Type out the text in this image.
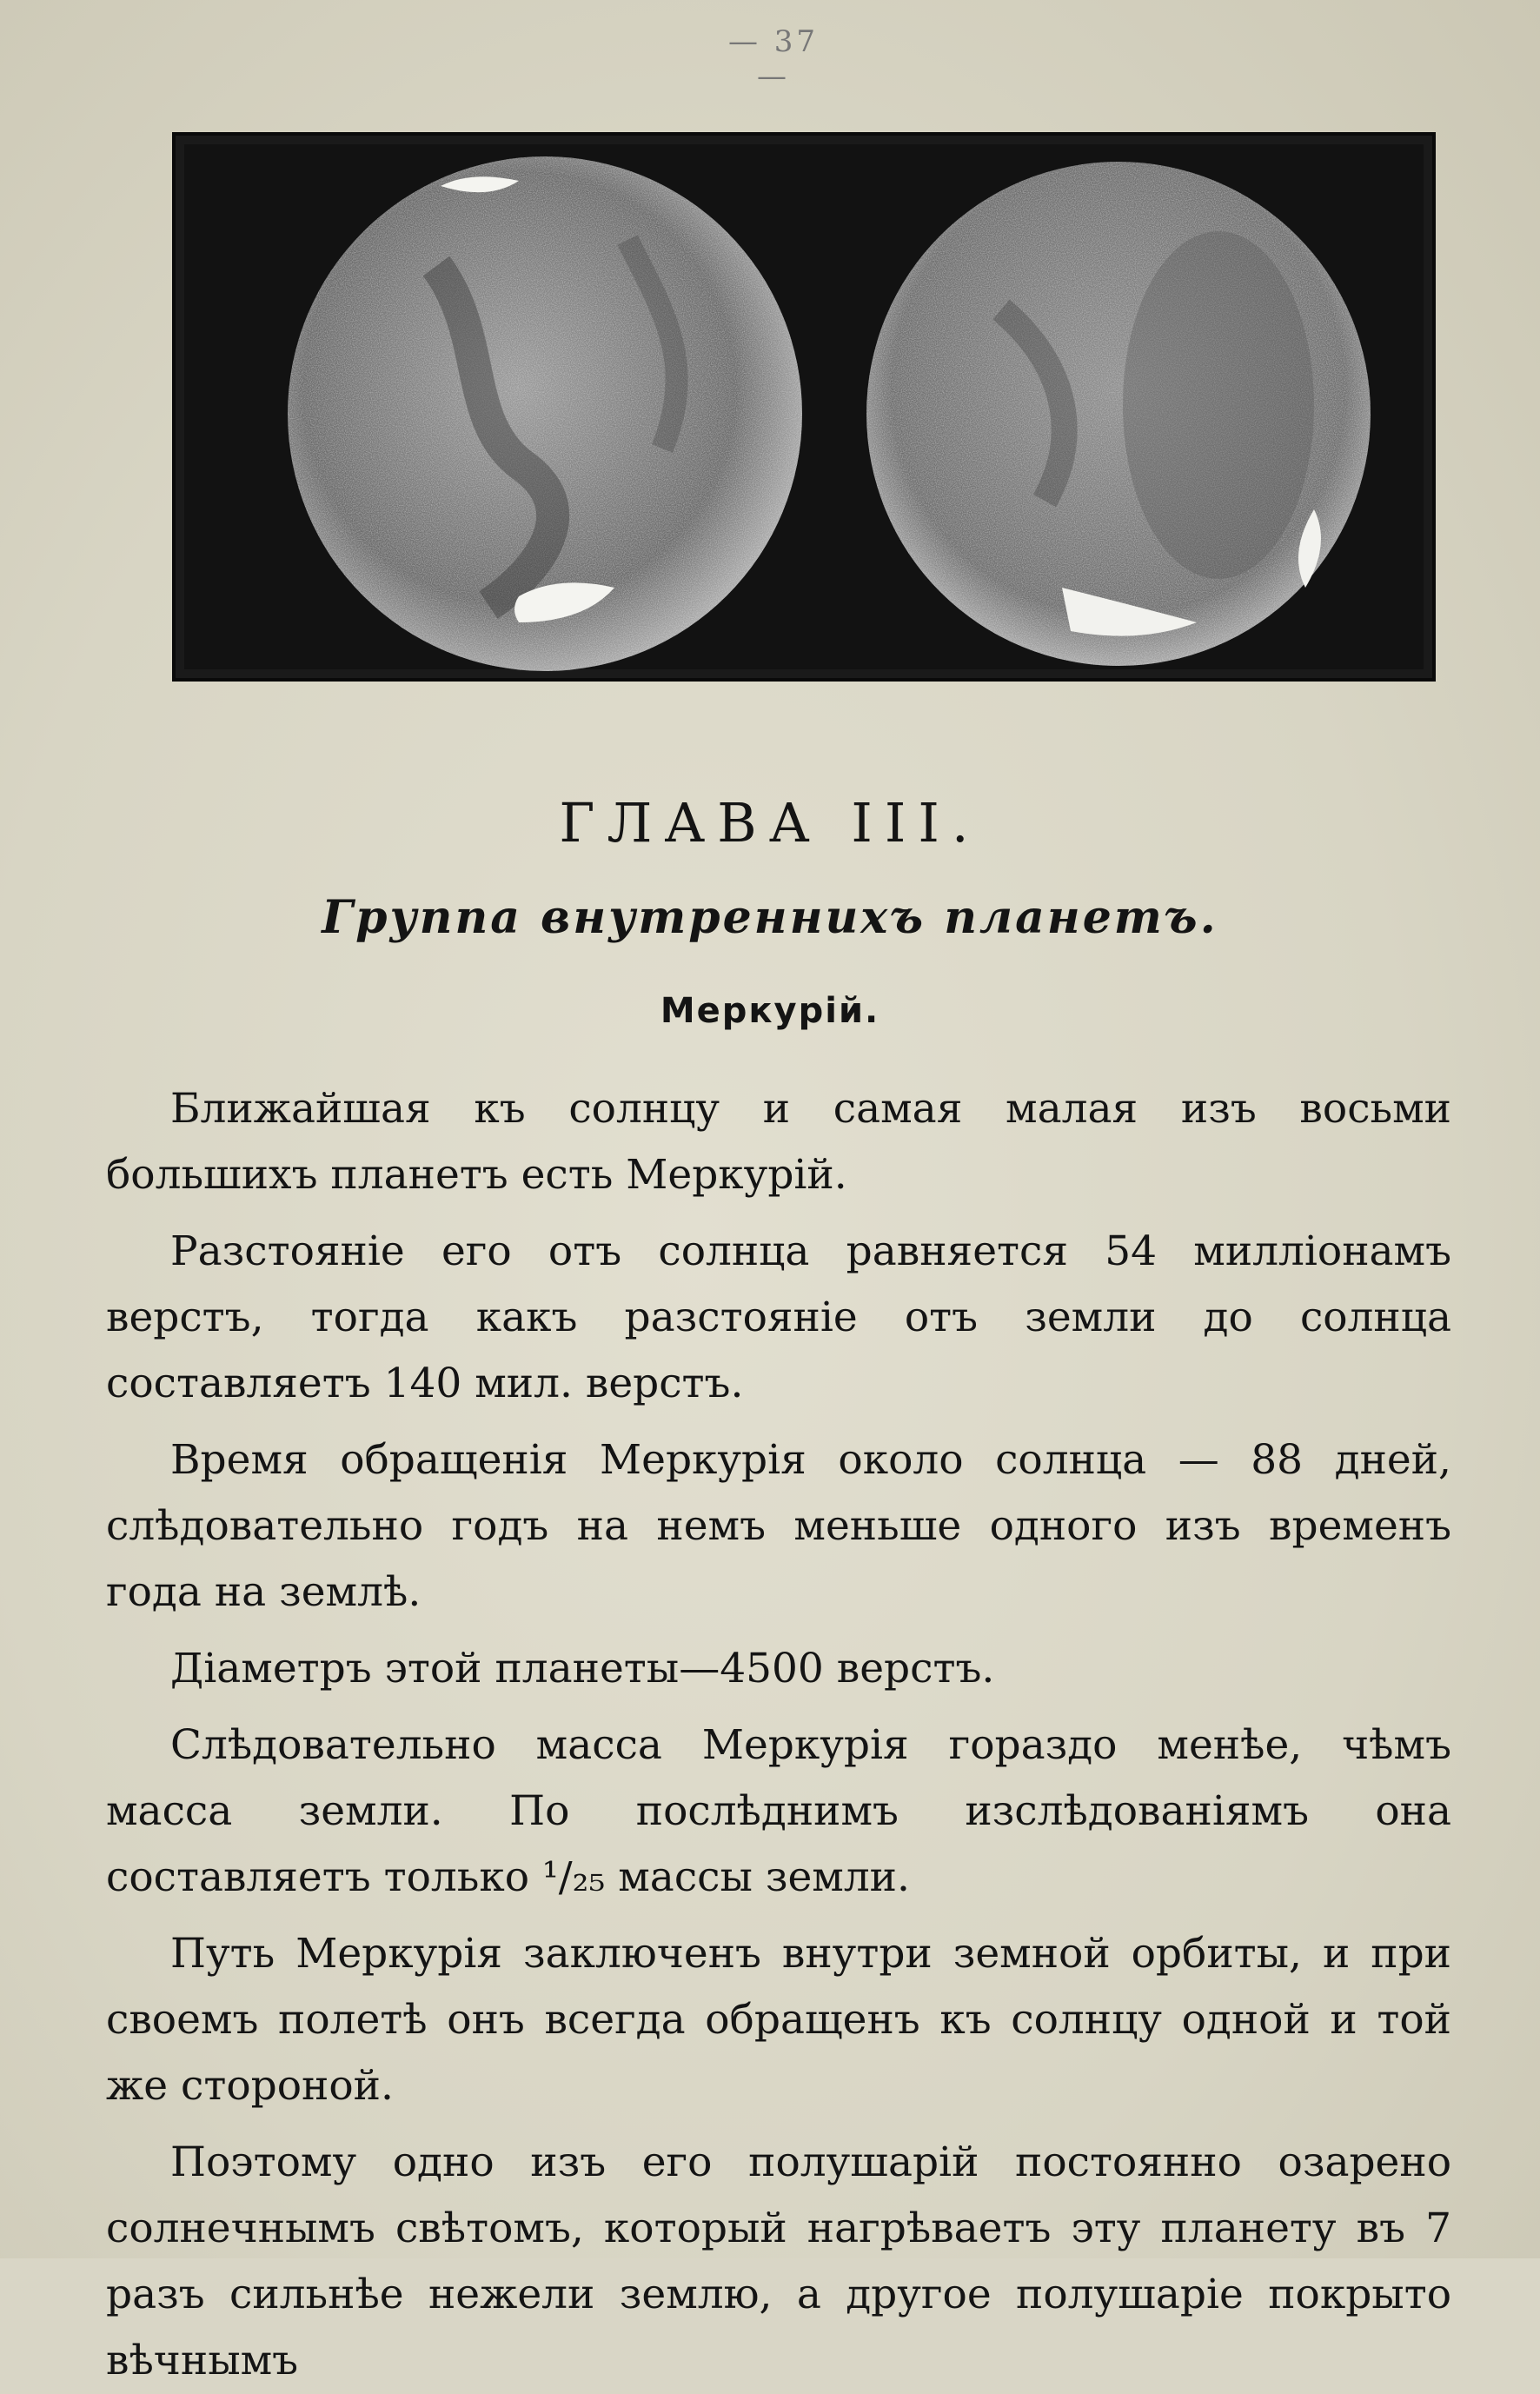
— 37 —

ГЛАВА III.
Группа внутреннихъ планетъ.
Меркурій.

Ближайшая къ солнцу и самая малая изъ восьми большихъ планетъ есть Меркурій.

Разстояніе его отъ солнца равняется 54 милліонамъ верстъ, тогда какъ разстояніе отъ земли до солнца составляетъ 140 мил. верстъ.

Время обращенія Меркурія около солнца — 88 дней, слѣдовательно годъ на немъ меньше одного изъ временъ года на землѣ.

Діаметръ этой планеты—4500 верстъ.

Слѣдовательно масса Меркурія гораздо менѣе, чѣмъ масса земли. По послѣднимъ изслѣдованіямъ она составляетъ только ¹/₂₅ массы земли.

Путь Меркурія заключенъ внутри земной орбиты, и при своемъ полетѣ онъ всегда обращенъ къ солнцу одной и той же стороной.

Поэтому одно изъ его полушарій постоянно озарено солнечнымъ свѣтомъ, который нагрѣваетъ эту планету въ 7 разъ сильнѣе нежели землю, а другое полушаріе покрыто вѣчнымъ
